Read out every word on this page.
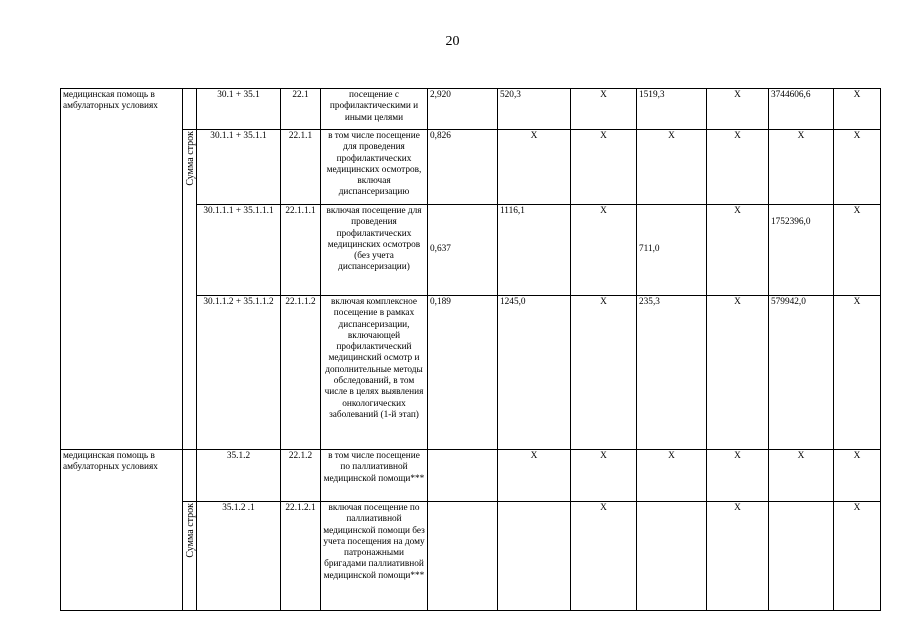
20
медицинская помощь в амбулаторных условиях		30.1 + 35.1	22.1	посещение с профилактическими и иными целями	2,920	520,3	Х	1519,3	Х	3744606,6	Х
	Сумма строк	30.1.1 + 35.1.1	22.1.1	в том числе посещение для проведения профилактических медицинских осмотров, включая диспансеризацию	0,826	Х	Х	Х	Х	Х	Х
		30.1.1.1 + 35.1.1.1	22.1.1.1	включая посещение для проведения профилактических медицинских осмотров (без учета диспансеризации)	0,637	1116,1	Х	711,0	Х	1752396,0	Х
		30.1.1.2 + 35.1.1.2	22.1.1.2	включая комплексное посещение в рамках диспансеризации, включающей профилактический медицинский осмотр и дополнительные методы обследований, в том числе в целях выявления онкологических заболеваний (1-й этап)	0,189	1245,0	Х	235,3	Х	579942,0	Х
медицинская помощь в амбулаторных условиях		35.1.2	22.1.2	в том числе посещение по паллиативной медицинской помощи***		Х	Х	Х	Х	Х	Х
	Сумма строк	35.1.2 .1	22.1.2.1	включая посещение по паллиативной медицинской помощи без учета посещения на дому патронажными бригадами паллиативной медицинской помощи***			Х		Х		Х
